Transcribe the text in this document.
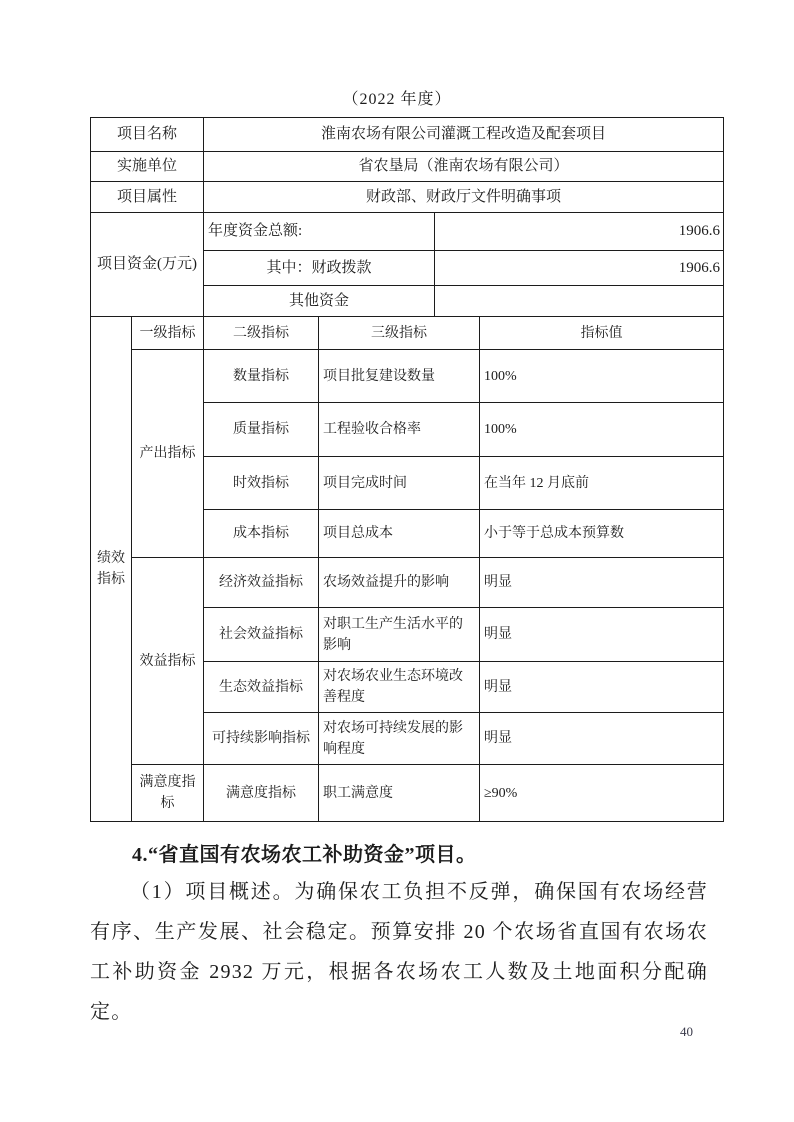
（2022 年度）
项目名称	淮南农场有限公司灌溉工程改造及配套项目
实施单位	省农垦局（淮南农场有限公司）
项目属性	财政部、财政厅文件明确事项
项目资金(万元)	年度资金总额:	1906.6
	其中：财政拨款	1906.6
	其他资金	
绩效指标	一级指标	二级指标	三级指标	指标值
	产出指标	数量指标	项目批复建设数量	100%
		质量指标	工程验收合格率	100%
		时效指标	项目完成时间	在当年 12 月底前
		成本指标	项目总成本	小于等于总成本预算数
	效益指标	经济效益指标	农场效益提升的影响	明显
		社会效益指标	对职工生产生活水平的影响	明显
		生态效益指标	对农场农业生态环境改善程度	明显
		可持续影响指标	对农场可持续发展的影响程度	明显
	满意度指标	满意度指标	职工满意度	≥90%
4.“省直国有农场农工补助资金”项目。
（1）项目概述。为确保农工负担不反弹，确保国有农场经营有序、生产发展、社会稳定。预算安排 20 个农场省直国有农场农工补助资金 2932 万元，根据各农场农工人数及土地面积分配确定。
40
